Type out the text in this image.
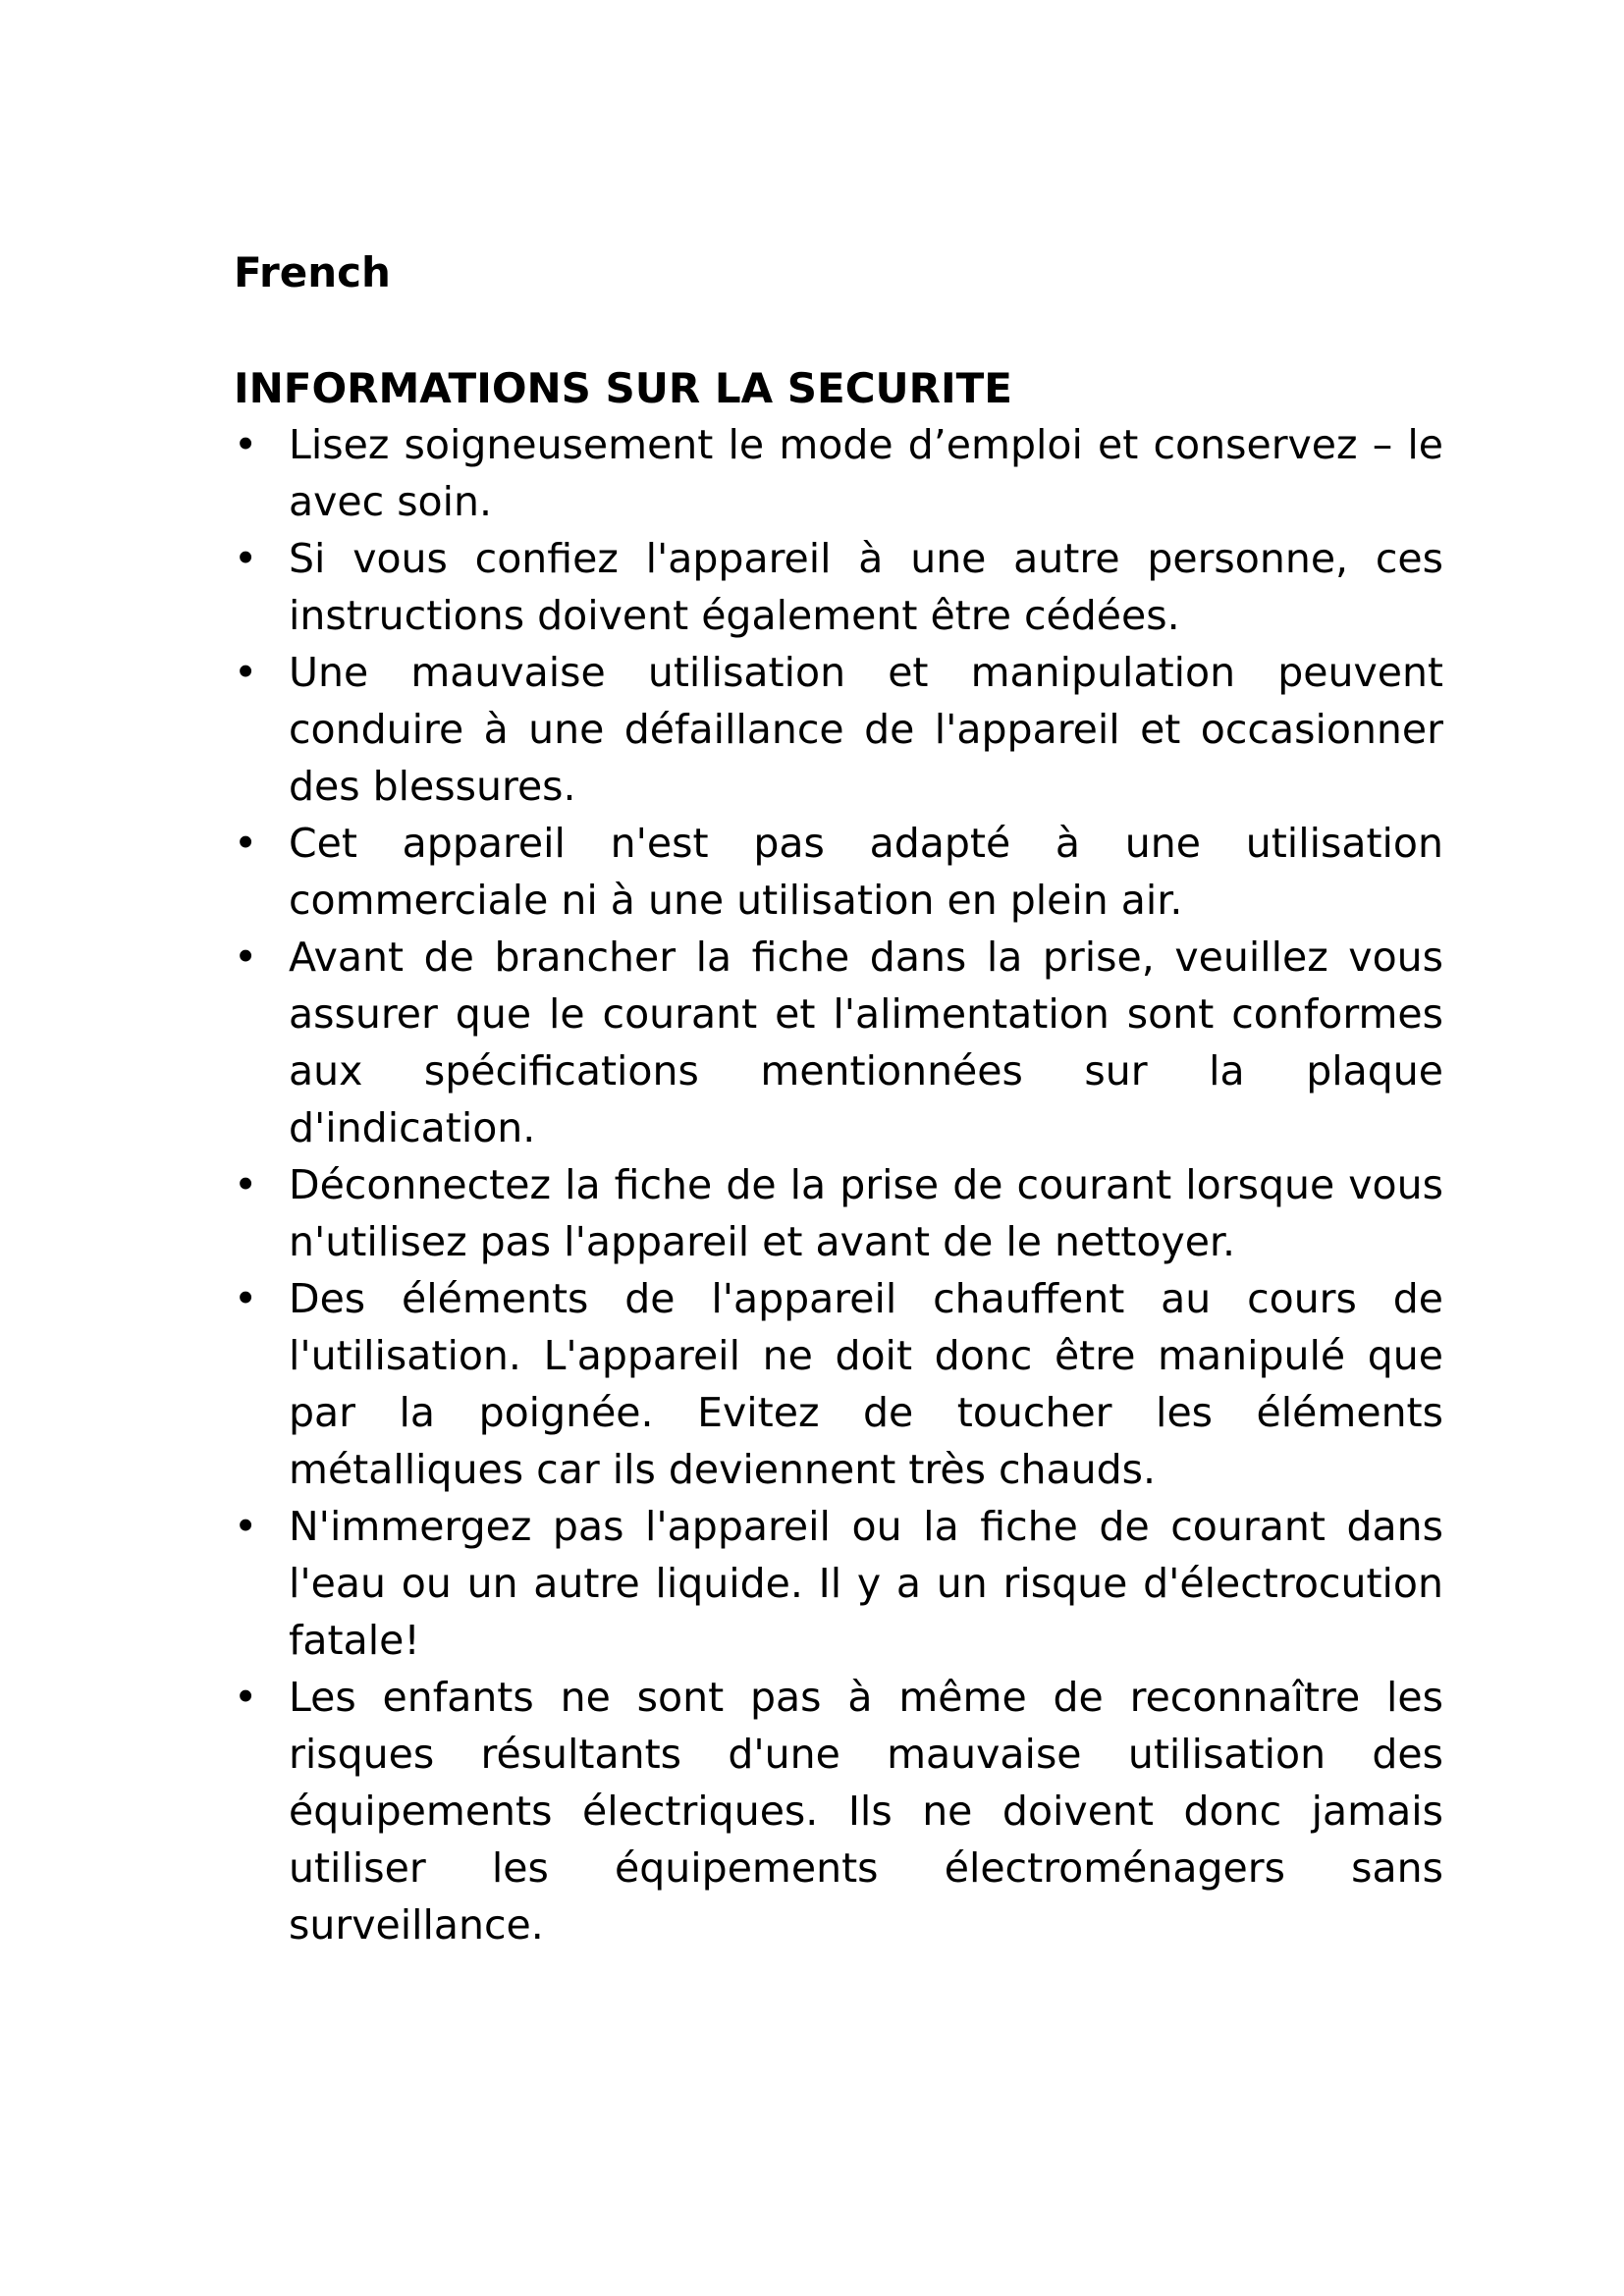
French

INFORMATIONS SUR LA SECURITE

• Lisez soigneusement le mode d’emploi et conservez – le avec soin.
• Si vous confiez l'appareil à une autre personne, ces instructions doivent également être cédées.
• Une mauvaise utilisation et manipulation peuvent conduire à une défaillance de l'appareil et occasionner des blessures.
• Cet appareil n'est pas adapté à une utilisation commerciale ni à une utilisation en plein air.
• Avant de brancher la fiche dans la prise, veuillez vous assurer que le courant et l'alimentation sont conformes aux spécifications mentionnées sur la plaque d'indication.
• Déconnectez la fiche de la prise de courant lorsque vous n'utilisez pas l'appareil et avant de le nettoyer.
• Des éléments de l'appareil chauffent au cours de l'utilisation. L'appareil ne doit donc être manipulé que par la poignée. Evitez de toucher les éléments métalliques car ils deviennent très chauds.
• N'immergez pas l'appareil ou la fiche de courant dans l'eau ou un autre liquide. Il y a un risque d'électrocution fatale!
• Les enfants ne sont pas à même de reconnaître les risques résultants d'une mauvaise utilisation des équipements électriques. Ils ne doivent donc jamais utiliser les équipements électroménagers sans surveillance.
